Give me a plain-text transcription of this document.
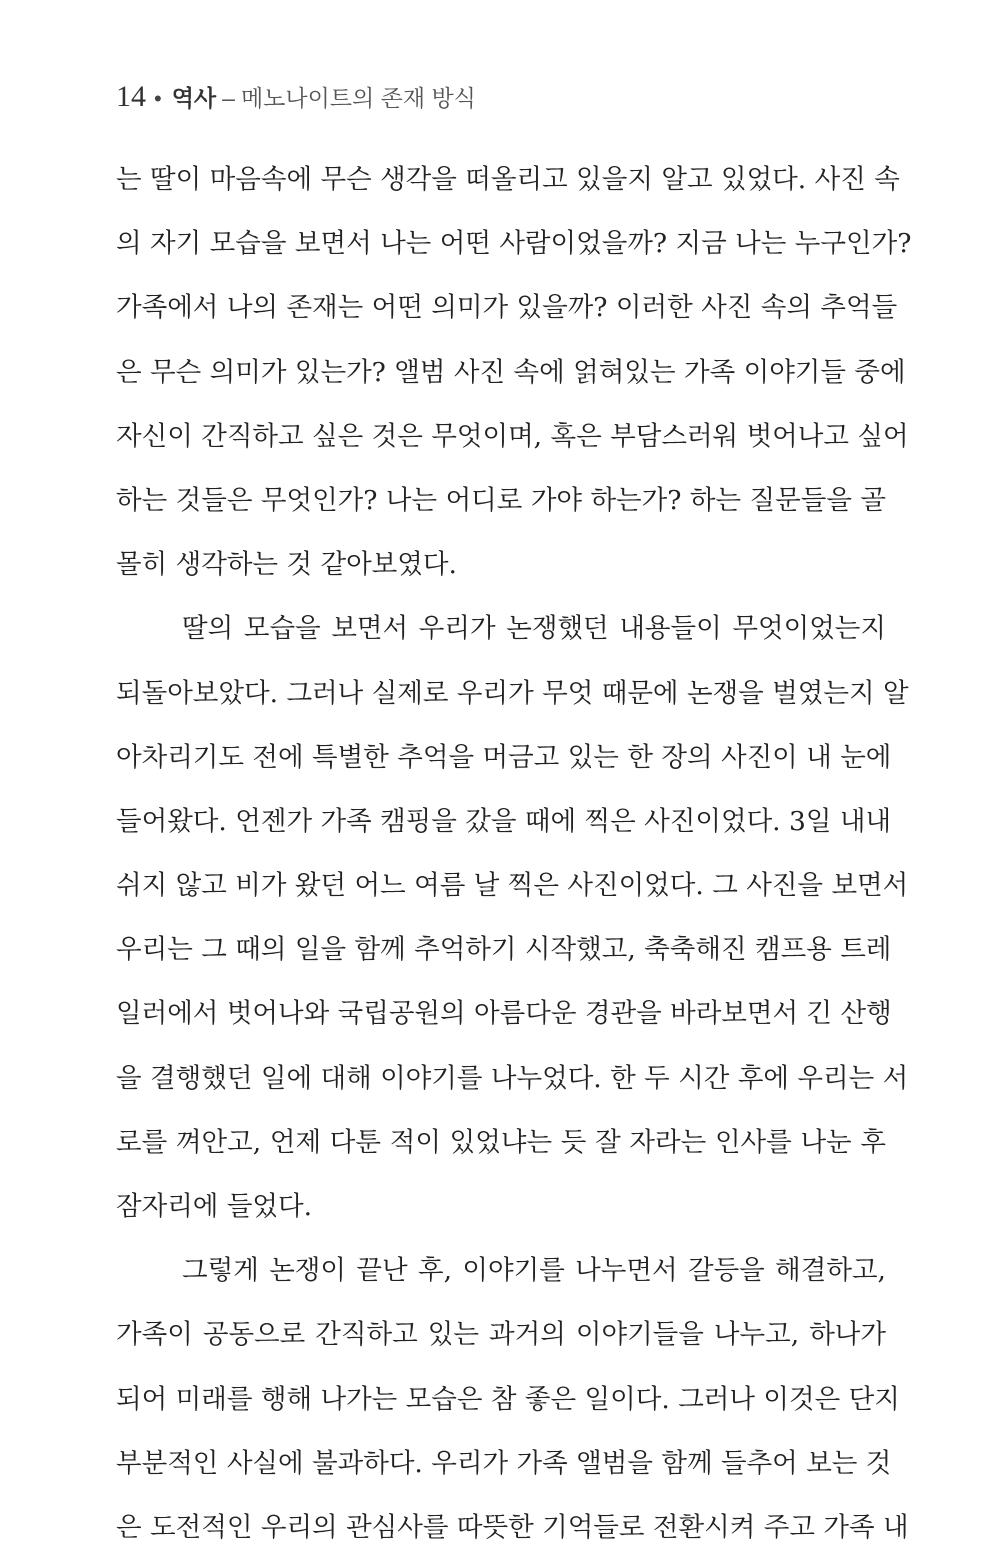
14 • 역사 – 메노나이트의 존재 방식
는 딸이 마음속에 무슨 생각을 떠올리고 있을지 알고 있었다. 사진 속
의 자기 모습을 보면서 나는 어떤 사람이었을까? 지금 나는 누구인가?
가족에서 나의 존재는 어떤 의미가 있을까? 이러한 사진 속의 추억들
은 무슨 의미가 있는가? 앨범 사진 속에 얽혀있는 가족 이야기들 중에
자신이 간직하고 싶은 것은 무엇이며, 혹은 부담스러워 벗어나고 싶어
하는 것들은 무엇인가? 나는 어디로 가야 하는가? 하는 질문들을 골
몰히 생각하는 것 같아보였다.
딸의 모습을 보면서 우리가 논쟁했던 내용들이 무엇이었는지
되돌아보았다. 그러나 실제로 우리가 무엇 때문에 논쟁을 벌였는지 알
아차리기도 전에 특별한 추억을 머금고 있는 한 장의 사진이 내 눈에
들어왔다. 언젠가 가족 캠핑을 갔을 때에 찍은 사진이었다. 3일 내내
쉬지 않고 비가 왔던 어느 여름 날 찍은 사진이었다. 그 사진을 보면서
우리는 그 때의 일을 함께 추억하기 시작했고, 축축해진 캠프용 트레
일러에서 벗어나와 국립공원의 아름다운 경관을 바라보면서 긴 산행
을 결행했던 일에 대해 이야기를 나누었다. 한 두 시간 후에 우리는 서
로를 껴안고, 언제 다툰 적이 있었냐는 듯 잘 자라는 인사를 나눈 후
잠자리에 들었다.
그렇게 논쟁이 끝난 후, 이야기를 나누면서 갈등을 해결하고,
가족이 공동으로 간직하고 있는 과거의 이야기들을 나누고, 하나가
되어 미래를 행해 나가는 모습은 참 좋은 일이다. 그러나 이것은 단지
부분적인 사실에 불과하다. 우리가 가족 앨범을 함께 들추어 보는 것
은 도전적인 우리의 관심사를 따뜻한 기억들로 전환시켜 주고 가족 내
